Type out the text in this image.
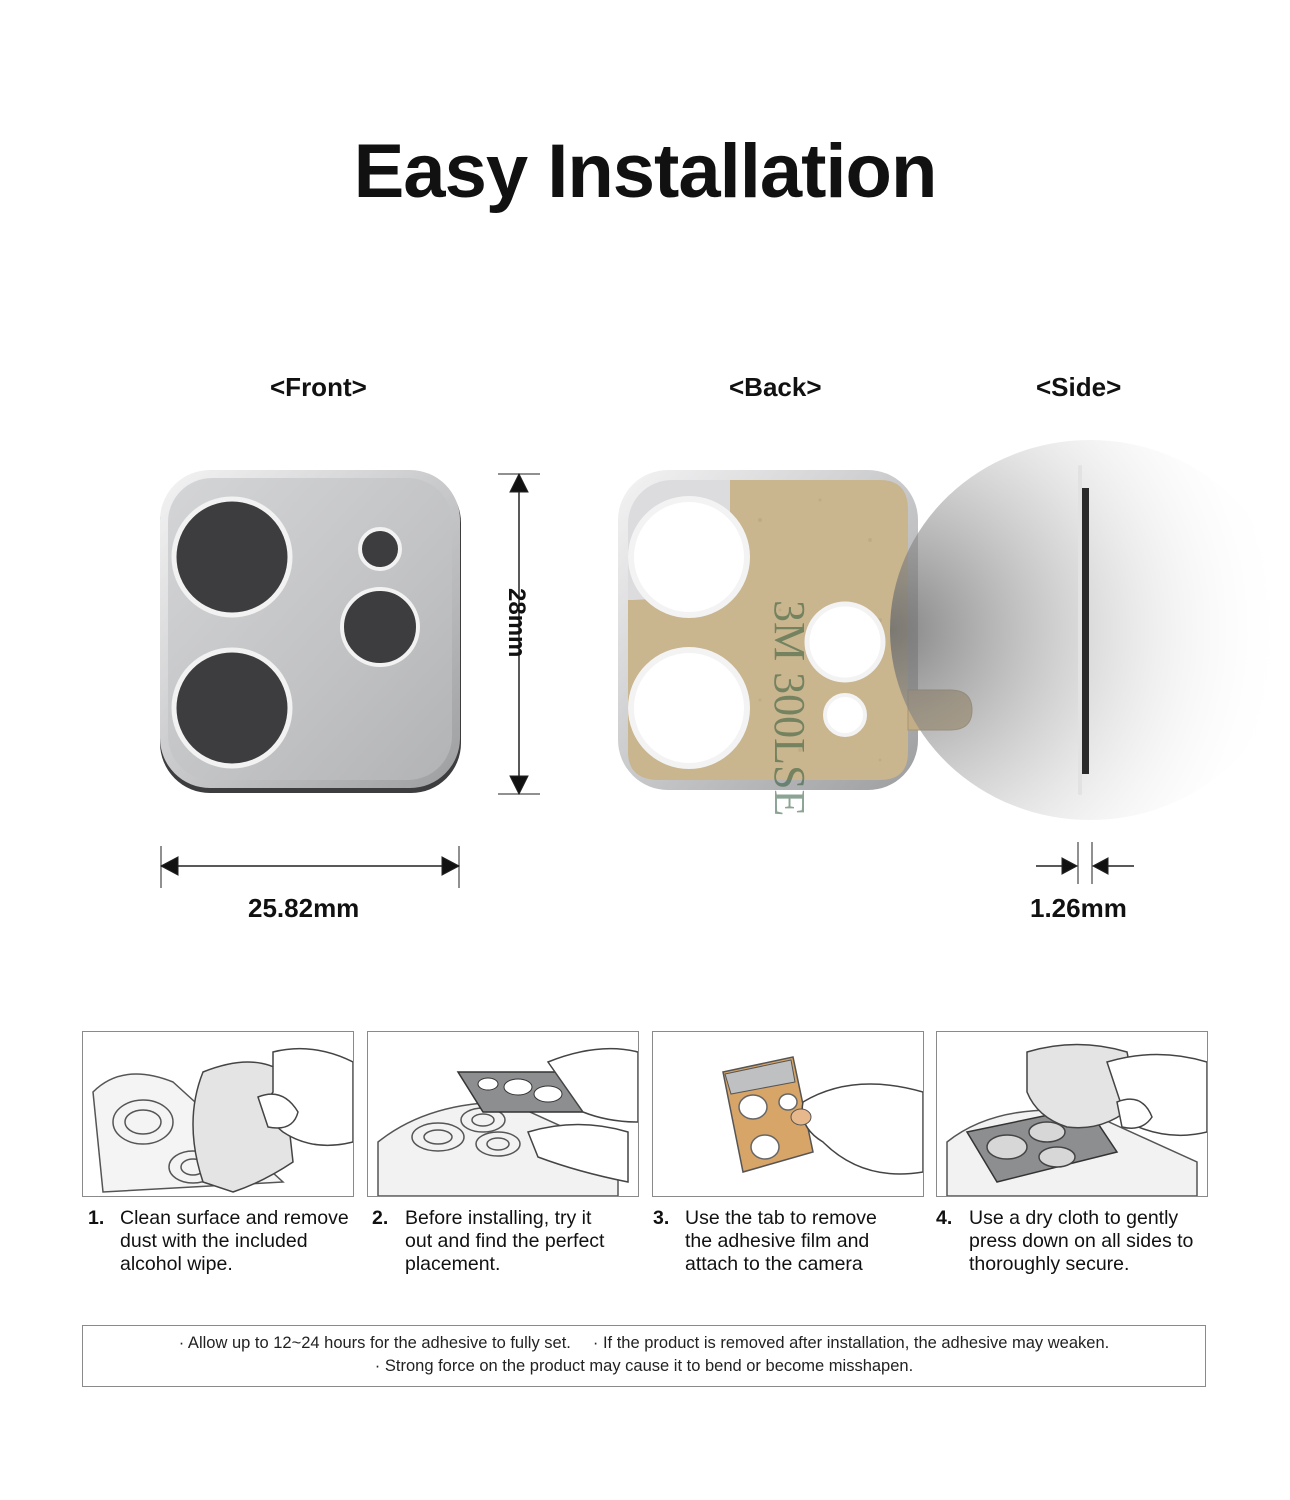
Easy Installation
<Front>	<Back>	<Side>
3M 300LSE
28mm
25.82mm	1.26mm
1. Clean surface and remove
dust with the included
alcohol wipe.
2. Before installing, try it
out and find the perfect
placement.
3. Use the tab to remove
the adhesive film and
attach to the camera
4. Use a dry cloth to gently
press down on all sides to
thoroughly secure.
· Allow up to 12~24 hours for the adhesive to fully set. · If the product is removed after installation, the adhesive may weaken.
· Strong force on the product may cause it to bend or become misshapen.
